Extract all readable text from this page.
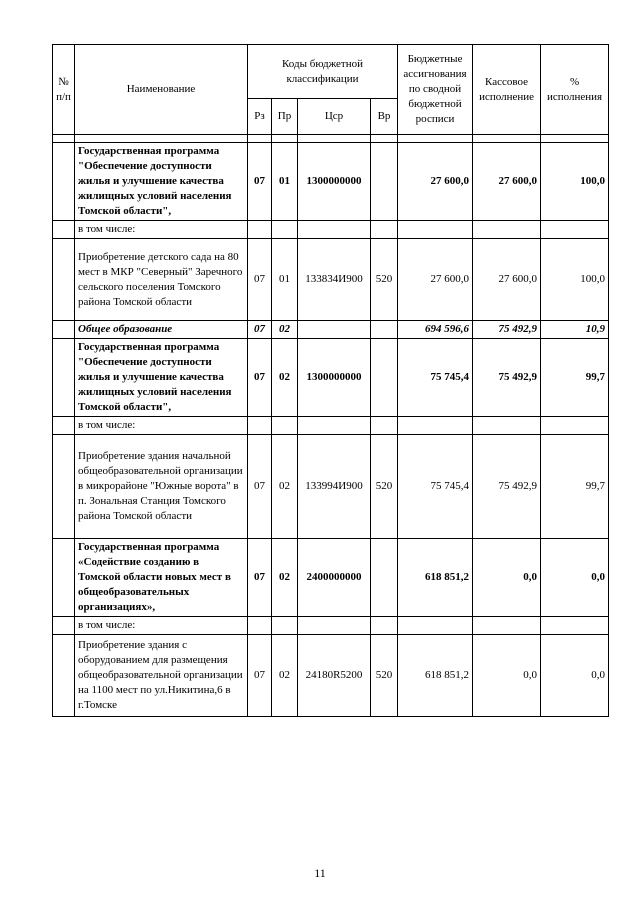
№ п/п	Наименование	Коды бюджетной классификации				Бюджетные ассигнования по сводной бюджетной росписи	Кассовое исполнение	% исполнения
		Рз	Пр	Цср	Вр			

	Государственная программа "Обеспечение доступности жилья и улучшение качества жилищных условий населения Томской области",	07	01	1300000000		27 600,0	27 600,0	100,0
	в том числе:							
	Приобретение детского сада на 80 мест в МКР "Северный" Заречного сельского поселения Томского района Томской области	07	01	133834И900	520	27 600,0	27 600,0	100,0
	Общее образование	07	02			694 596,6	75 492,9	10,9
	Государственная программа "Обеспечение доступности жилья и улучшение качества жилищных условий населения Томской области",	07	02	1300000000		75 745,4	75 492,9	99,7
	в том числе:							
	Приобретение здания начальной общеобразовательной организации в микрорайоне "Южные ворота" в п. Зональная Станция Томского района Томской области	07	02	133994И900	520	75 745,4	75 492,9	99,7
	Государственная программа «Содействие созданию в Томской области новых мест в общеобразовательных организациях»,	07	02	2400000000		618 851,2	0,0	0,0
	в том числе:							
	Приобретение здания с оборудованием для размещения общеобразовательной организации на 1100 мест по ул.Никитина,6 в г.Томске	07	02	24180R5200	520	618 851,2	0,0	0,0
11
